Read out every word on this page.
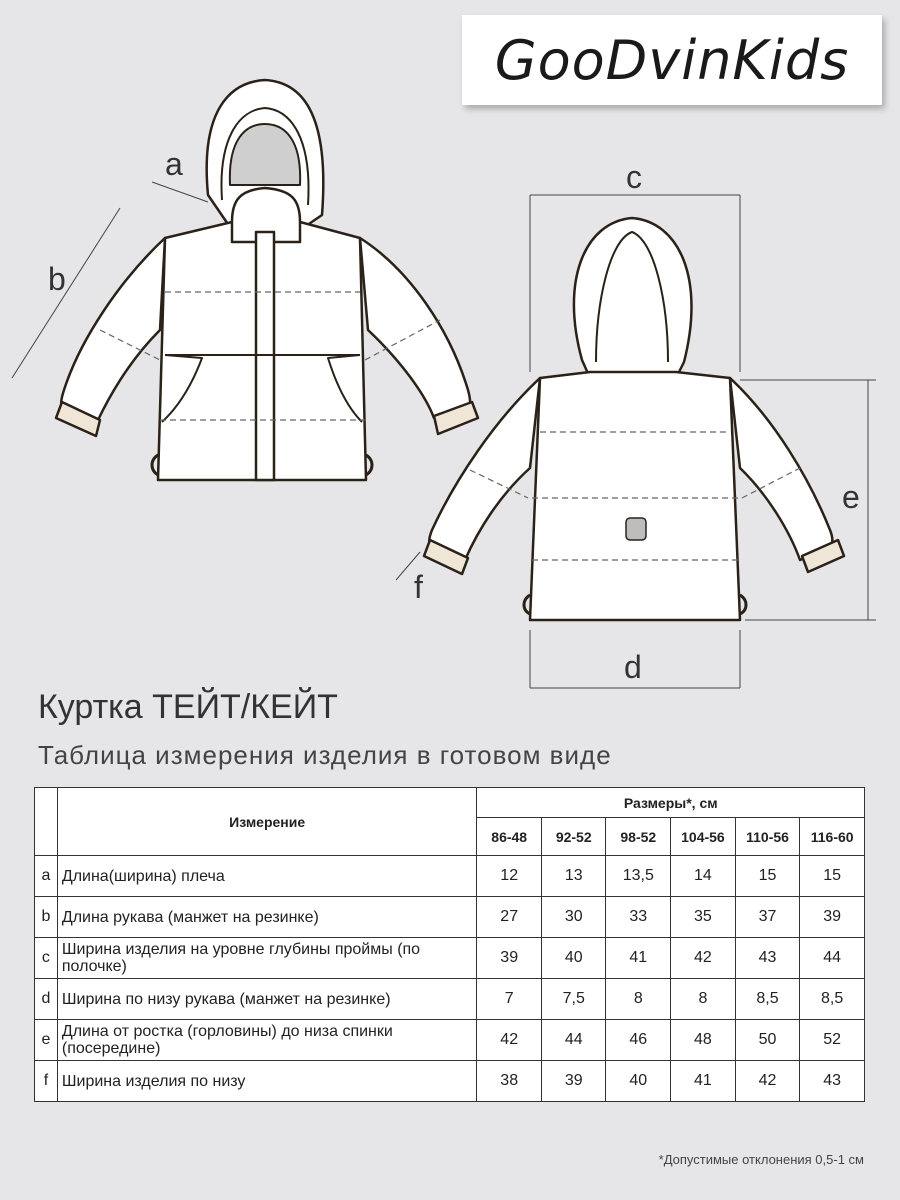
GooDvinKids
a
b
c
d
e
f
Куртка ТЕЙТ/КЕЙТ
Таблица измерения изделия в готовом виде
	Измерение	Размеры*, см					
		86-48	92-52	98-52	104-56	110-56	116-60
a	Длина(ширина) плеча	12	13	13,5	14	15	15
b	Длина рукава (манжет на резинке)	27	30	33	35	37	39
c	Ширина изделия на уровне глубины проймы (по полочке)	39	40	41	42	43	44
d	Ширина по низу рукава (манжет на резинке)	7	7,5	8	8	8,5	8,5
e	Длина от ростка (горловины) до низа спинки (посередине)	42	44	46	48	50	52
f	Ширина изделия по низу	38	39	40	41	42	43
*Допустимые отклонения 0,5-1 см
